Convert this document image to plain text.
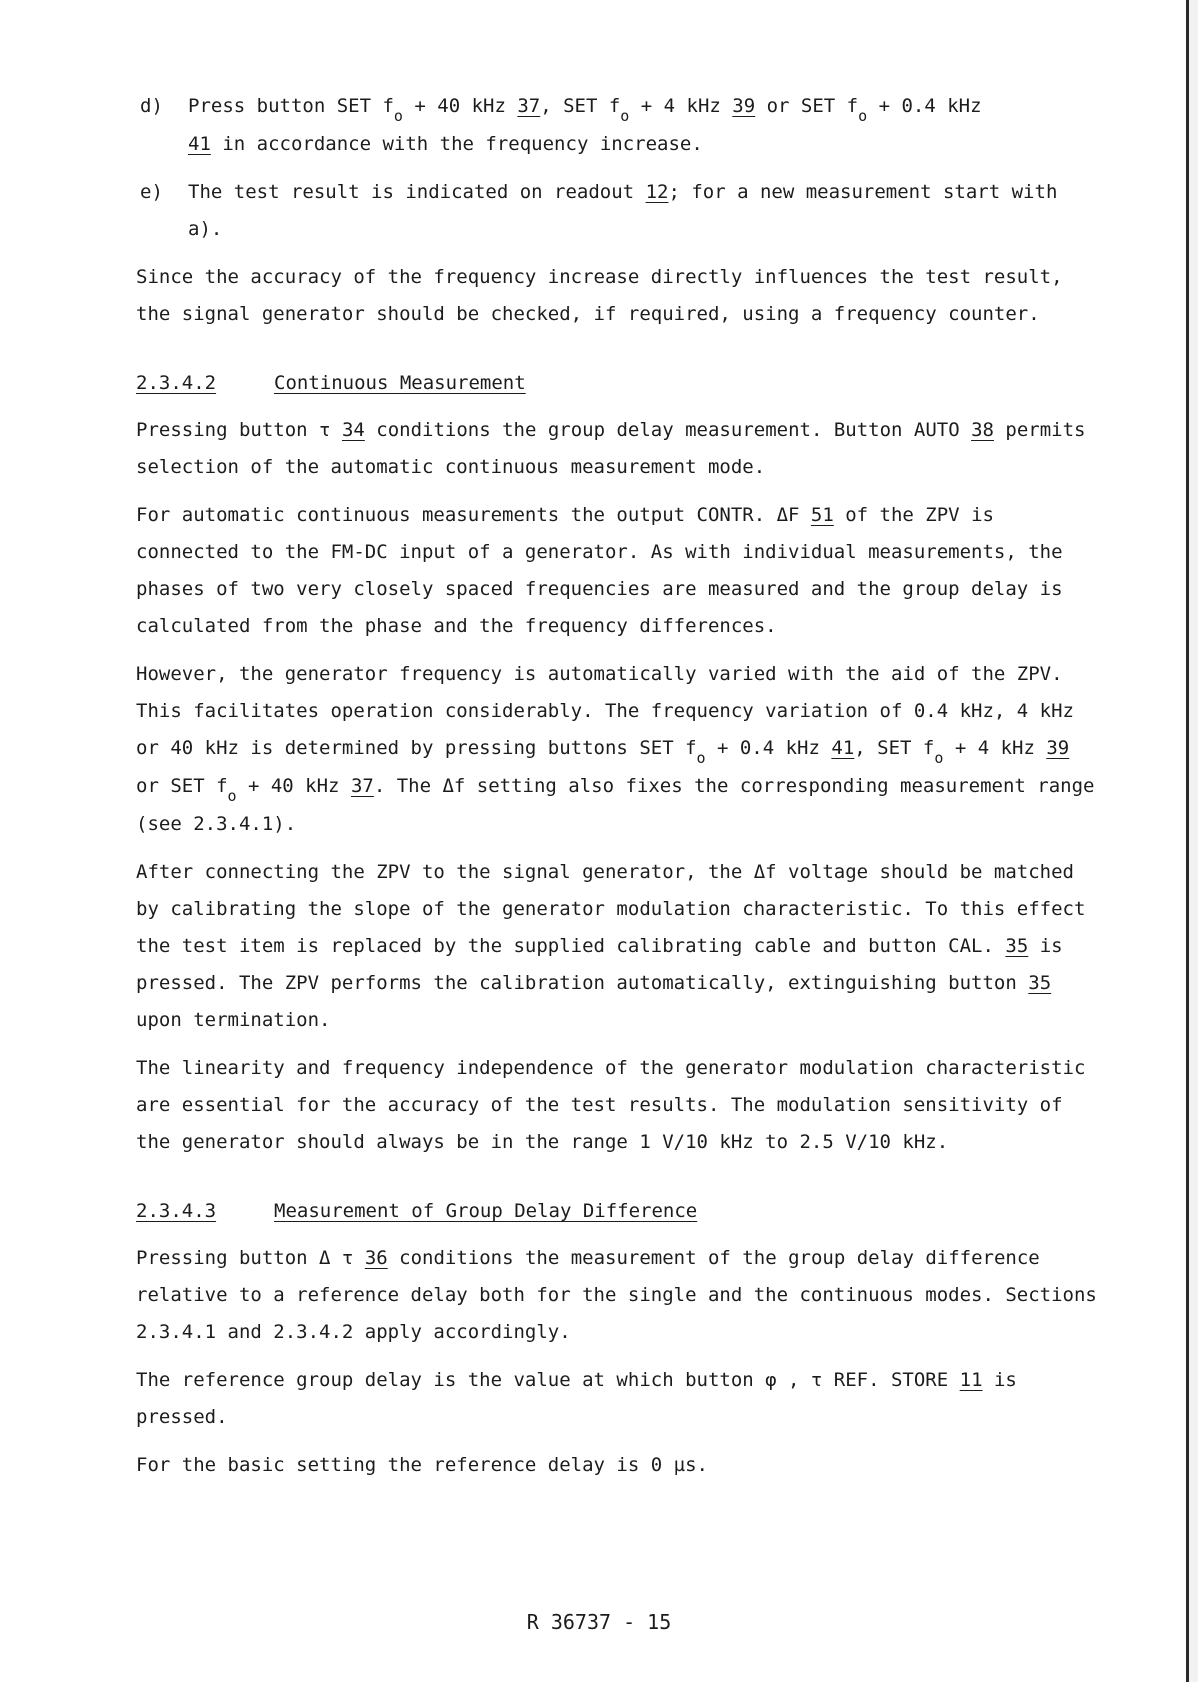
d) Press button SET $f_o + 40$ kHz 37, SET $f_o + 4$ kHz 39 or SET $f_o + 0.4$ kHz
41 in accordance with the frequency increase.
e) The test result is indicated on readout 12; for a new measurement start with a).

Since the accuracy of the frequency increase directly influences the test result, the signal generator should be checked, if required, using a frequency counter.

2.3.4.2	Continuous Measurement

Pressing button τ 34 conditions the group delay measurement. Button AUTO 38 permits selection of the automatic continuous measurement mode.

For automatic continuous measurements the output CONTR. ΔF 51 of the ZPV is connected to the FM-DC input of a generator. As with individual measurements, the phases of two very closely spaced frequencies are measured and the group delay is calculated from the phase and the frequency differences.

However, the generator frequency is automatically varied with the aid of the ZPV. This facilitates operation considerably. The frequency variation of 0.4 kHz, 4 kHz or 40 kHz is determined by pressing buttons SET $f_o + 0.4$ kHz 41, SET $f_o + 4$ kHz 39 or SET $f_o + 40$ kHz 37. The Δf setting also fixes the corresponding measurement range (see 2.3.4.1).

After connecting the ZPV to the signal generator, the Δf voltage should be matched by calibrating the slope of the generator modulation characteristic. To this effect the test item is replaced by the supplied calibrating cable and button CAL. 35 is pressed. The ZPV performs the calibration automatically, extinguishing button 35 upon termination.

The linearity and frequency independence of the generator modulation characteristic are essential for the accuracy of the test results. The modulation sensitivity of the generator should always be in the range 1 V/10 kHz to 2.5 V/10 kHz.

2.3.4.3	Measurement of Group Delay Difference

Pressing button Δ τ 36 conditions the measurement of the group delay difference relative to a reference delay both for the single and the continuous modes. Sections 2.3.4.1 and 2.3.4.2 apply accordingly.

The reference group delay is the value at which button φ , τ REF. STORE 11 is pressed.

For the basic setting the reference delay is 0 µs.

R 36737 - 15
